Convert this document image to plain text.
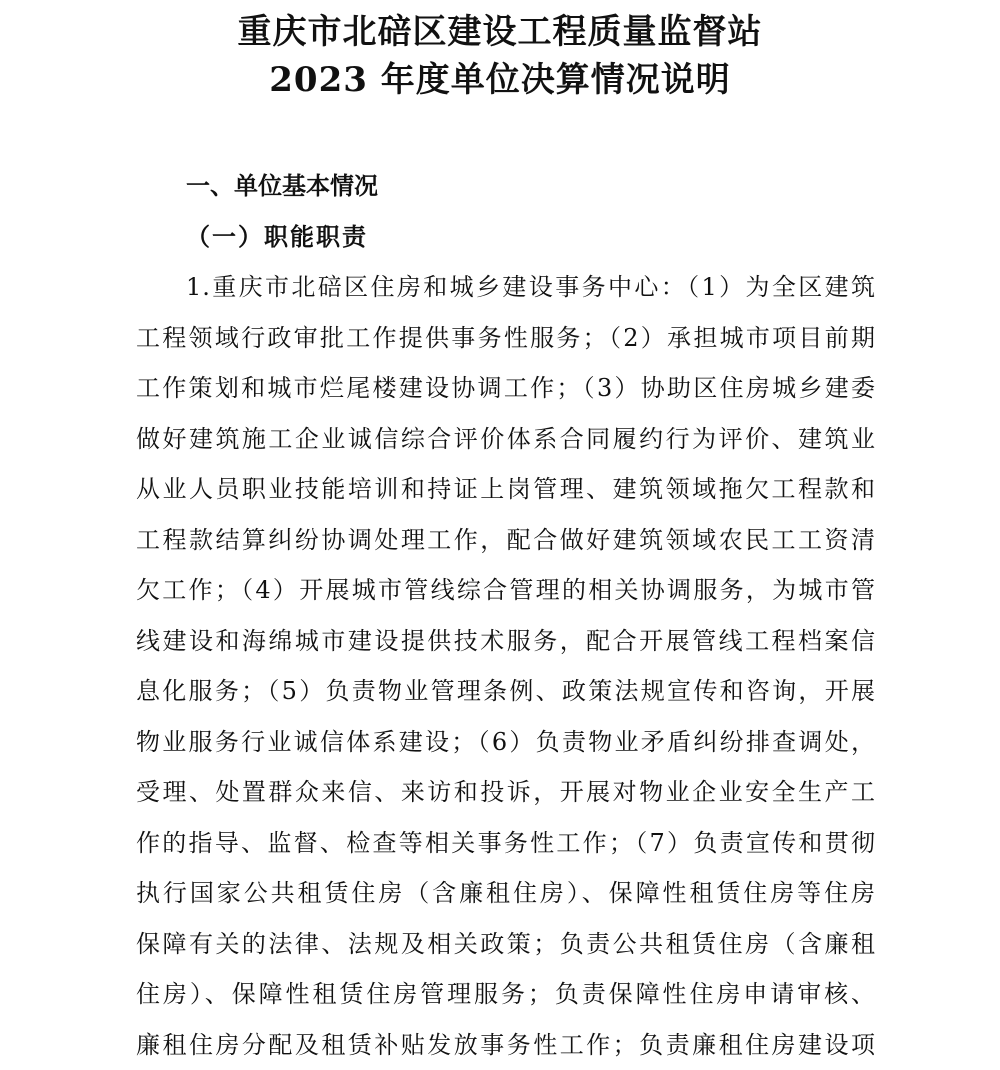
重庆市北碚区建设工程质量监督站
2023 年度单位决算情况说明
一、单位基本情况
（一）职能职责
1.重庆市北碚区住房和城乡建设事务中心：（1）为全区建筑
工程领域行政审批工作提供事务性服务；（2）承担城市项目前期
工作策划和城市烂尾楼建设协调工作；（3）协助区住房城乡建委
做好建筑施工企业诚信综合评价体系合同履约行为评价、建筑业
从业人员职业技能培训和持证上岗管理、建筑领域拖欠工程款和
工程款结算纠纷协调处理工作，配合做好建筑领域农民工工资清
欠工作；（4）开展城市管线综合管理的相关协调服务，为城市管
线建设和海绵城市建设提供技术服务，配合开展管线工程档案信
息化服务；（5）负责物业管理条例、政策法规宣传和咨询，开展
物业服务行业诚信体系建设；（6）负责物业矛盾纠纷排查调处，
受理、处置群众来信、来访和投诉，开展对物业企业安全生产工
作的指导、监督、检查等相关事务性工作；（7）负责宣传和贯彻
执行国家公共租赁住房（含廉租住房）、保障性租赁住房等住房
保障有关的法律、法规及相关政策；负责公共租赁住房（含廉租
住房）、保障性租赁住房管理服务；负责保障性住房申请审核、
廉租住房分配及租赁补贴发放事务性工作；负责廉租住房建设项
